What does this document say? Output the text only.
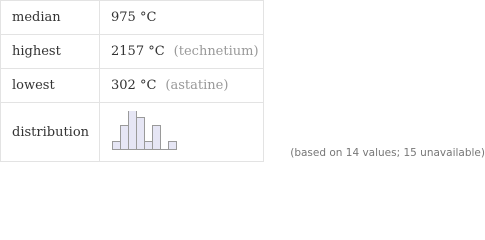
median	975 °C
highest	2157 °C (technetium)
lowest	302 °C (astatine)
distribution	
(based on 14 values; 15 unavailable)
